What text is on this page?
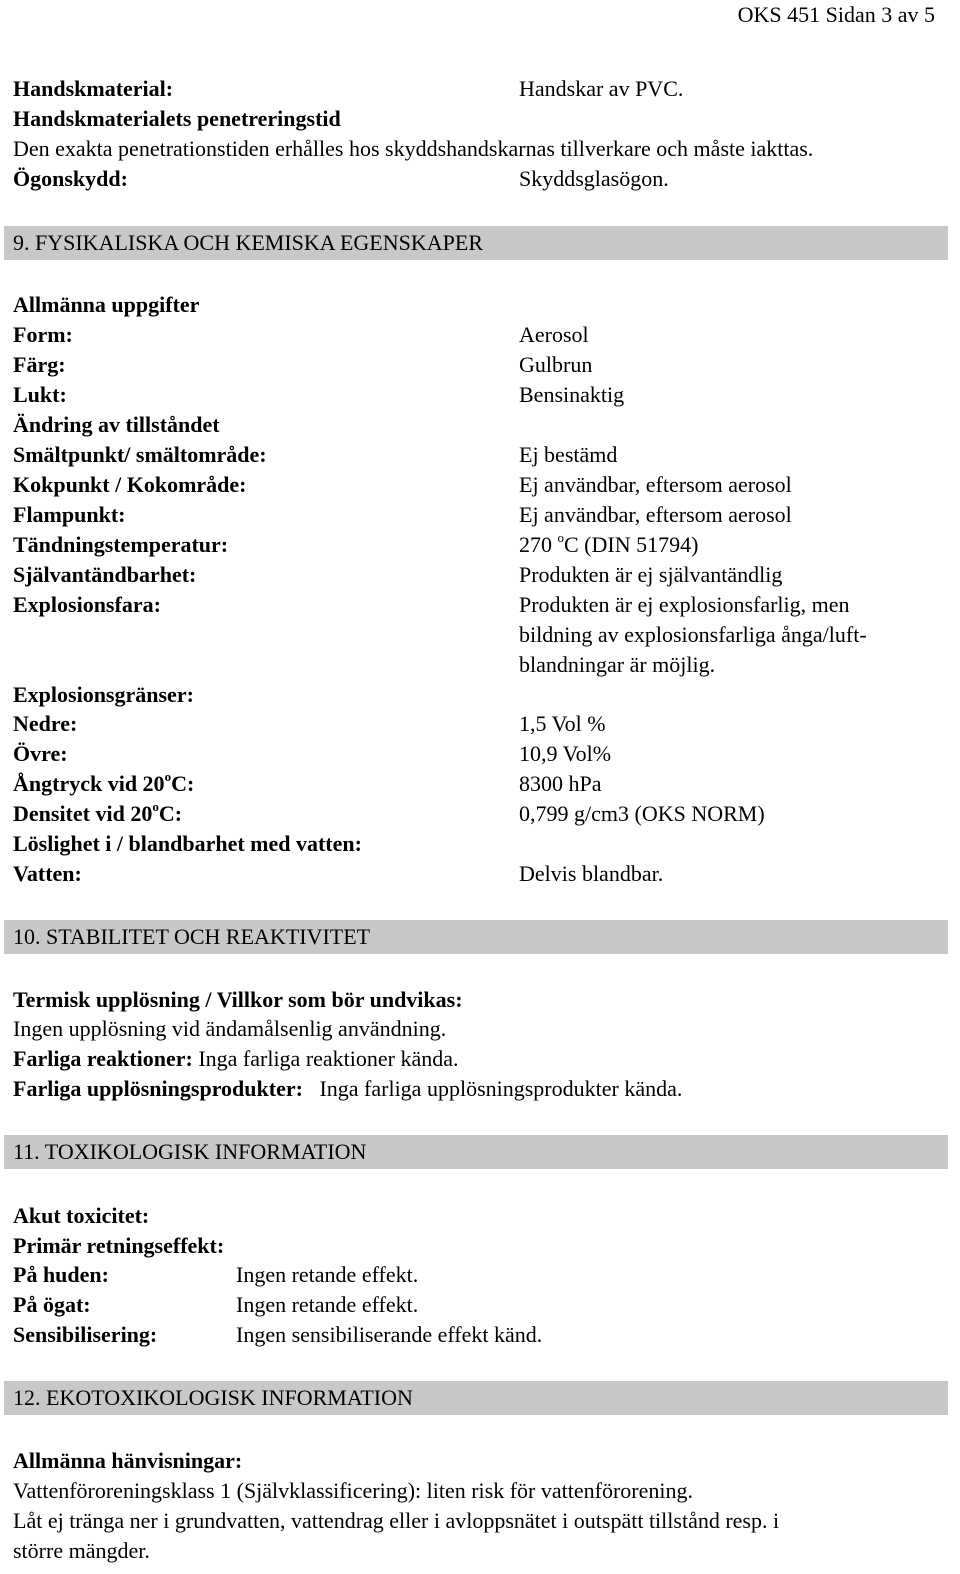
OKS 451 Sidan 3 av 5
Handskmaterial:	Handskar av PVC.
Handskmaterialets penetreringstid
Den exakta penetrationstiden erhålles hos skyddshandskarnas tillverkare och måste iakttas.
Ögonskydd:	Skyddsglasögon.
9. FYSIKALISKA OCH KEMISKA EGENSKAPER
Allmänna uppgifter
Form:	Aerosol
Färg:	Gulbrun
Lukt:	Bensinaktig
Ändring av tillståndet
Smältpunkt/ smältområde:	Ej bestämd
Kokpunkt / Kokområde:	Ej användbar, eftersom aerosol
Flampunkt:	Ej användbar, eftersom aerosol
Tändningstemperatur:	270 $^o$C (DIN 51794)
Självantändbarhet:	Produkten är ej självantändlig
Explosionsfara:	Produkten är ej explosionsfarlig, men
bildning av explosionsfarliga ånga/luft-
blandningar är möjlig.
Explosionsgränser:
Nedre:	1,5 Vol %
Övre:	10,9 Vol%
Ångtryck vid 20$^o$C:	8300 hPa
Densitet vid 20$^o$C:	0,799 g/cm3 (OKS NORM)
Löslighet i / blandbarhet med vatten:
Vatten:	Delvis blandbar.
10. STABILITET OCH REAKTIVITET
Termisk upplösning / Villkor som bör undvikas:
Ingen upplösning vid ändamålsenlig användning.
Farliga reaktioner: Inga farliga reaktioner kända.
Farliga upplösningsprodukter: Inga farliga upplösningsprodukter kända.
11. TOXIKOLOGISK INFORMATION
Akut toxicitet:
Primär retningseffekt:
På huden:	Ingen retande effekt.
På ögat:	Ingen retande effekt.
Sensibilisering:	Ingen sensibiliserande effekt känd.
12. EKOTOXIKOLOGISK INFORMATION
Allmänna hänvisningar:
Vattenföroreningsklass 1 (Självklassificering): liten risk för vattenförorening.
Låt ej tränga ner i grundvatten, vattendrag eller i avloppsnätet i outspätt tillstånd resp. i
större mängder.
